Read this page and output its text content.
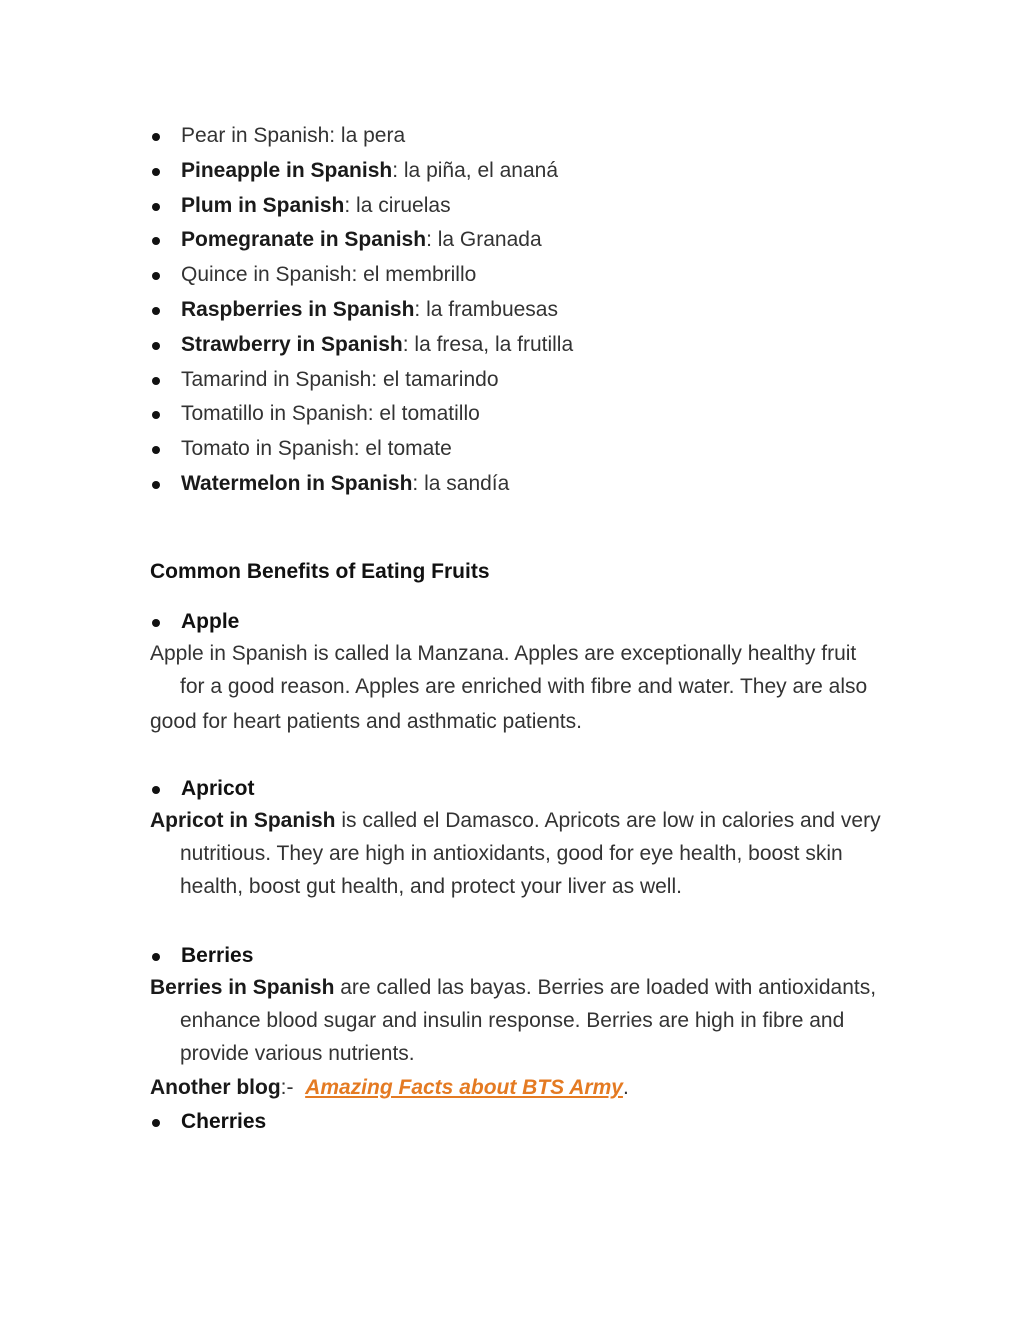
Pear in Spanish: la pera
Pineapple in Spanish: la piña, el ananá
Plum in Spanish: la ciruelas
Pomegranate in Spanish: la Granada
Quince in Spanish: el membrillo
Raspberries in Spanish: la frambuesas
Strawberry in Spanish: la fresa, la frutilla
Tamarind in Spanish: el tamarindo
Tomatillo in Spanish: el tomatillo
Tomato in Spanish: el tomate
Watermelon in Spanish: la sandía
Common Benefits of Eating Fruits
Apple
Apple in Spanish is called la Manzana. Apples are exceptionally healthy fruit
for a good reason. Apples are enriched with fibre and water. They are also
good for heart patients and asthmatic patients.
Apricot
Apricot in Spanish is called el Damasco. Apricots are low in calories and very
nutritious. They are high in antioxidants, good for eye health, boost skin
health, boost gut health, and protect your liver as well.
Berries
Berries in Spanish are called las bayas. Berries are loaded with antioxidants,
enhance blood sugar and insulin response. Berries are high in fibre and
provide various nutrients.
Another blog:-  Amazing Facts about BTS Army.
Cherries
